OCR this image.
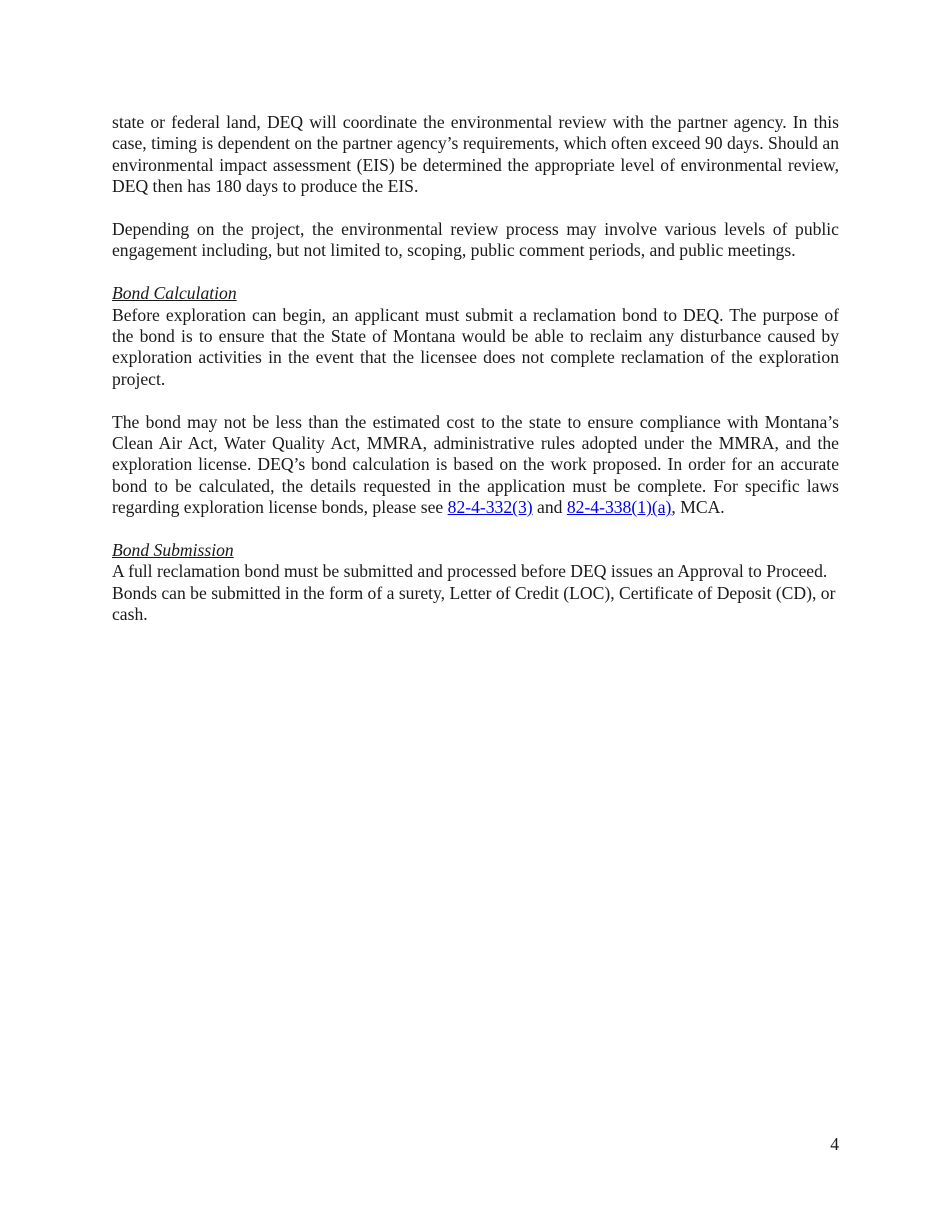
state or federal land, DEQ will coordinate the environmental review with the partner agency. In this case, timing is dependent on the partner agency’s requirements, which often exceed 90 days. Should an environmental impact assessment (EIS) be determined the appropriate level of environmental review, DEQ then has 180 days to produce the EIS.

Depending on the project, the environmental review process may involve various levels of public engagement including, but not limited to, scoping, public comment periods, and public meetings.

Bond Calculation

Before exploration can begin, an applicant must submit a reclamation bond to DEQ. The purpose of the bond is to ensure that the State of Montana would be able to reclaim any disturbance caused by exploration activities in the event that the licensee does not complete reclamation of the exploration project.

The bond may not be less than the estimated cost to the state to ensure compliance with Montana’s Clean Air Act, Water Quality Act, MMRA, administrative rules adopted under the MMRA, and the exploration license. DEQ’s bond calculation is based on the work proposed. In order for an accurate bond to be calculated, the details requested in the application must be complete. For specific laws regarding exploration license bonds, please see 82-4-332(3) and 82-4-338(1)(a), MCA.

Bond Submission

A full reclamation bond must be submitted and processed before DEQ issues an Approval to Proceed. Bonds can be submitted in the form of a surety, Letter of Credit (LOC), Certificate of Deposit (CD), or cash.

4
